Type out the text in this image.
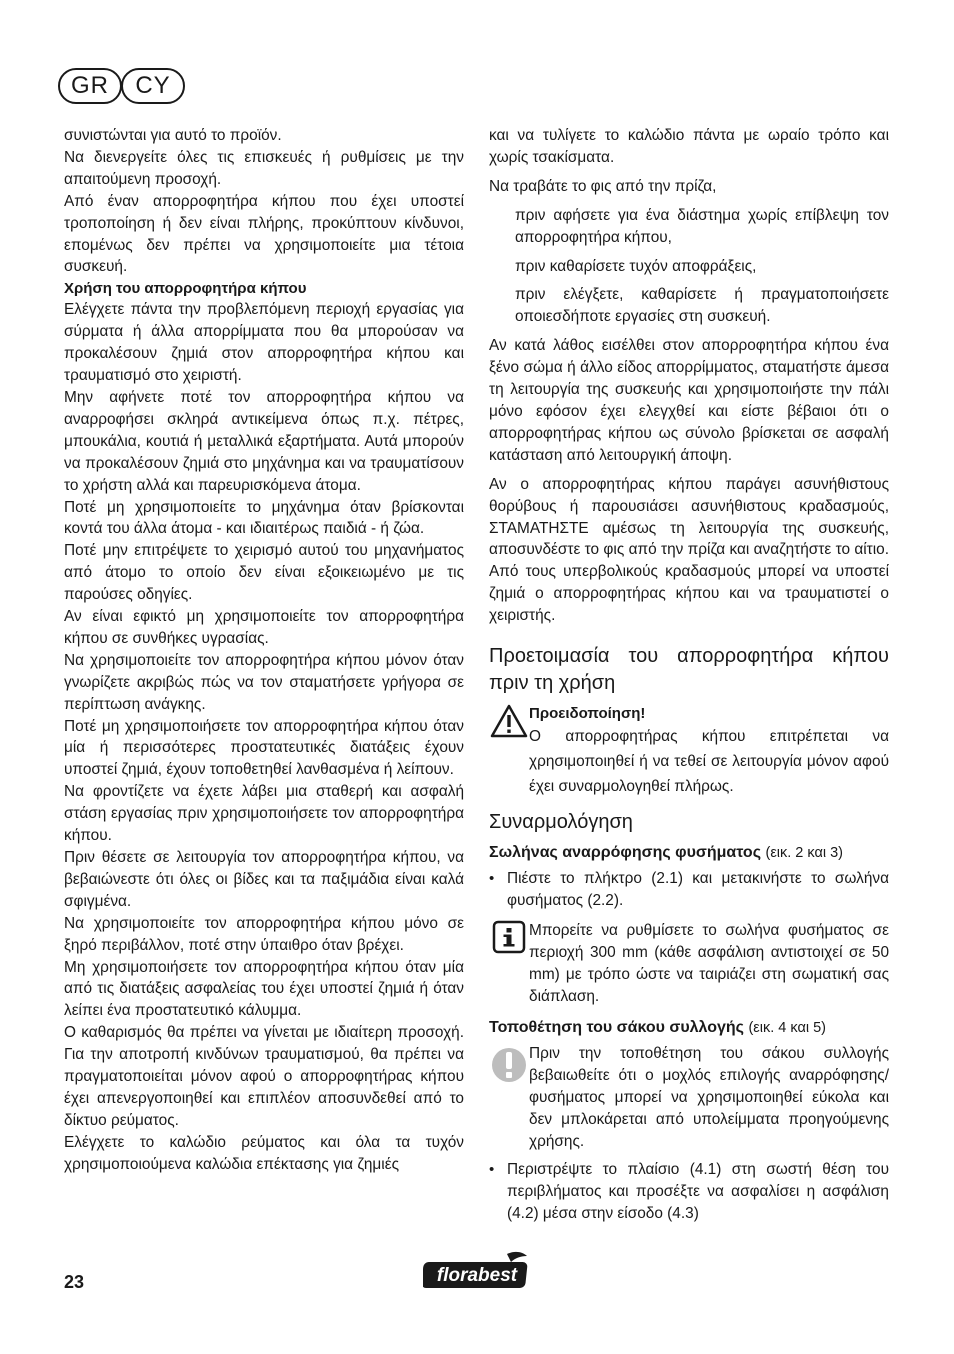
GR	CY

συνιστώνται για αυτό το προϊόν.

Να διενεργείτε όλες τις επισκευές ή ρυθμίσεις με την απαιτούμενη προσοχή.

Από έναν απορροφητήρα κήπου που έχει υποστεί τροποποίηση ή δεν είναι πλήρης, προκύπτουν κίνδυνοι, επομένως δεν πρέπει να χρησιμοποιείτε μια τέτοια συσκευή.

Χρήση του απορροφητήρα κήπου

Ελέγχετε πάντα την προβλεπόμενη περιοχή εργασίας για σύρματα ή άλλα απορρίμματα που θα μπορούσαν να προκαλέσουν ζημιά στον απορροφητήρα κήπου και τραυματισμό στο χειριστή.

Μην αφήνετε ποτέ τον απορροφητήρα κήπου να αναρροφήσει σκληρά αντικείμενα όπως π.χ. πέτρες, μπουκάλια, κουτιά ή μεταλλικά εξαρτήματα. Αυτά μπορούν να προκαλέσουν ζημιά στο μηχάνημα και να τραυματίσουν το χρήστη αλλά και παρευρισκόμενα άτομα.

Ποτέ μη χρησιμοποιείτε το μηχάνημα όταν βρίσκονται κοντά του άλλα άτομα - και ιδιαιτέρως παιδιά - ή ζώα.

Ποτέ μην επιτρέψετε το χειρισμό αυτού του μηχανήματος από άτομο το οποίο δεν είναι εξοικειωμένο με τις παρούσες οδηγίες.

Αν είναι εφικτό μη χρησιμοποιείτε τον απορροφητήρα κήπου σε συνθήκες υγρασίας.

Να χρησιμοποιείτε τον απορροφητήρα κήπου μόνον όταν γνωρίζετε ακριβώς πώς να τον σταματήσετε γρήγορα σε περίπτωση ανάγκης.

Ποτέ μη χρησιμοποιήσετε τον απορροφητήρα κήπου όταν μία ή περισσότερες προστατευτικές διατάξεις έχουν υποστεί ζημιά, έχουν τοποθετηθεί λανθασμένα ή λείπουν.

Να φροντίζετε να έχετε λάβει μια σταθερή και ασφαλή στάση εργασίας πριν χρησιμοποιήσετε τον απορροφητήρα κήπου.

Πριν θέσετε σε λειτουργία τον απορροφητήρα κήπου, να βεβαιώνεστε ότι όλες οι βίδες και τα παξιμάδια είναι καλά σφιγμένα.

Να χρησιμοποιείτε τον απορροφητήρα κήπου μόνο σε ξηρό περιβάλλον, ποτέ στην ύπαιθρο όταν βρέχει.

Μη χρησιμοποιήσετε τον απορροφητήρα κήπου όταν μία από τις διατάξεις ασφαλείας του έχει υποστεί ζημιά ή όταν λείπει ένα προστατευτικό κάλυμμα.

Ο καθαρισμός θα πρέπει να γίνεται με ιδιαίτερη προσοχή. Για την αποτροπή κινδύνων τραυματισμού, θα πρέπει να πραγματοποιείται μόνον αφού ο απορροφητήρας κήπου έχει απενεργοποιηθεί και επιπλέον αποσυνδεθεί από το δίκτυο ρεύματος.

Ελέγχετε το καλώδιο ρεύματος και όλα τα τυχόν χρησιμοποιούμενα καλώδια επέκτασης για ζημιές

και να τυλίγετε το καλώδιο πάντα με ωραίο τρόπο και χωρίς τσακίσματα.

Να τραβάτε το φις από την πρίζα,

πριν αφήσετε για ένα διάστημα χωρίς επίβλεψη τον απορροφητήρα κήπου,

πριν καθαρίσετε τυχόν αποφράξεις,

πριν ελέγξετε, καθαρίσετε ή πραγματοποιήσετε οποιεσδήποτε εργασίες στη συσκευή.

Αν κατά λάθος εισέλθει στον απορροφητήρα κήπου ένα ξένο σώμα ή άλλο είδος απορρίμματος, σταματήστε άμεσα τη λειτουργία της συσκευής και χρησιμοποιήστε την πάλι μόνο εφόσον έχει ελεγχθεί και είστε βέβαιοι ότι ο απορροφητήρας κήπου ως σύνολο βρίσκεται σε ασφαλή κατάσταση από λειτουργική άποψη.

Αν ο απορροφητήρας κήπου παράγει ασυνήθιστους θορύβους ή παρουσιάσει ασυνήθιστους κραδασμούς, ΣΤΑΜΑΤΗΣΤΕ αμέσως τη λειτουργία της συσκευής, αποσυνδέστε το φις από την πρίζα και αναζητήστε το αίτιο. Από τους υπερβολικούς κραδασμούς μπορεί να υποστεί ζημιά ο απορροφητήρας κήπου και να τραυματιστεί ο χειριστής.

Προετοιμασία του απορροφητήρα κήπου πριν τη χρήση

Προειδοποίηση!

Ο απορροφητήρας κήπου επιτρέπεται να χρησιμοποιηθεί ή να τεθεί σε λειτουργία μόνον αφού έχει συναρμολογηθεί πλήρως.

Συναρμολόγηση

Σωλήνας αναρρόφησης φυσήματος (εικ. 2 και 3)

• Πιέστε το πλήκτρο (2.1) και μετακινήστε το σωλήνα φυσήματος (2.2).

Μπορείτε να ρυθμίσετε το σωλήνα φυσήματος σε περιοχή 300 mm (κάθε ασφάλιση αντιστοιχεί σε 50 mm) με τρόπο ώστε να ταιριάζει στη σωματική σας διάπλαση.

Τοποθέτηση του σάκου συλλογής (εικ. 4 και 5)

Πριν την τοποθέτηση του σάκου συλλογής βεβαιωθείτε ότι ο μοχλός επιλογής αναρρόφησης/ φυσήματος μπορεί να χρησιμοποιηθεί εύκολα και δεν μπλοκάρεται από υπολείμματα προηγούμενης χρήσης.

• Περιστρέψτε το πλαίσιο (4.1) στη σωστή θέση του περιβλήματος και προσέξτε να ασφαλίσει η ασφάλιση (4.2) μέσα στην είσοδο (4.3)

23	florabest
